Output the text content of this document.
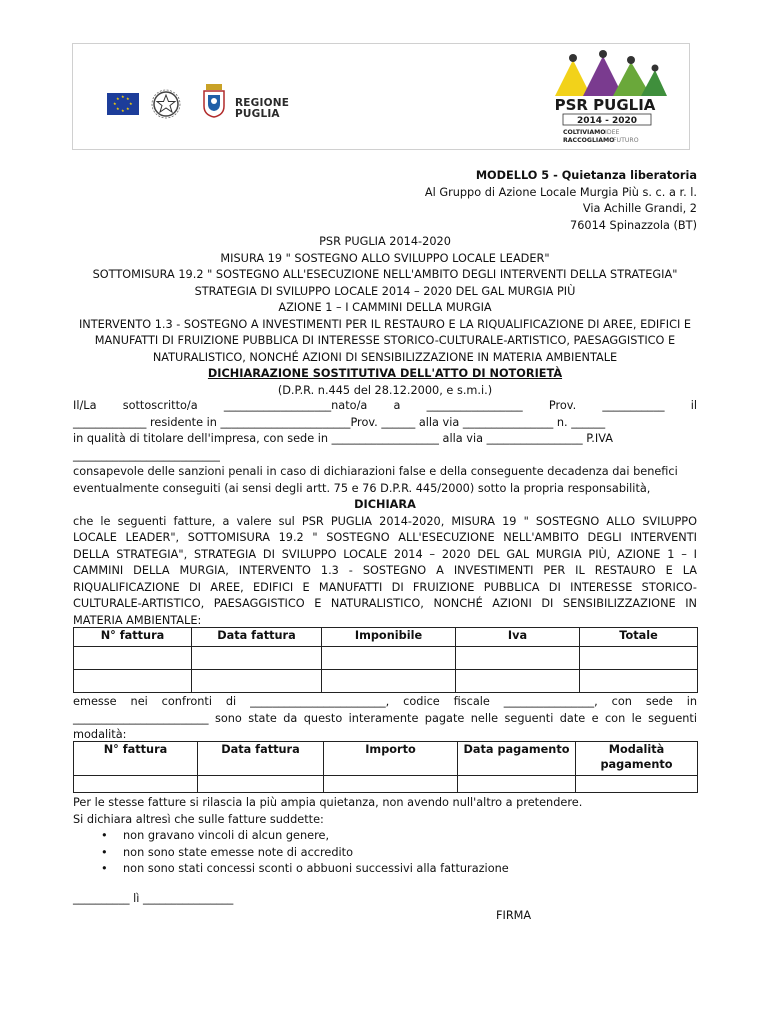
★ ★
★
★
★
★
★
★	REGIONE
PUGLIA	PSR PUGLIA
2014 - 2020
COLTIVIAMO IDEE
RACCOGLIAMO
FUTURO
MODELLO 5 - Quietanza liberatoria
Al Gruppo di Azione Locale Murgia Più s. c. a r. l.
Via Achille Grandi, 2
76014 Spinazzola (BT)
PSR PUGLIA 2014-2020
MISURA 19 " SOSTEGNO ALLO SVILUPPO LOCALE LEADER"
SOTTOMISURA 19.2 " SOSTEGNO ALL'ESECUZIONE NELL'AMBITO DEGLI INTERVENTI DELLA STRATEGIA"
STRATEGIA DI SVILUPPO LOCALE 2014 – 2020 DEL GAL MURGIA PIÙ
AZIONE 1 – I CAMMINI DELLA MURGIA
INTERVENTO 1.3 - SOSTEGNO A INVESTIMENTI PER IL RESTAURO E LA RIQUALIFICAZIONE DI AREE, EDIFICI E
MANUFATTI DI FRUIZIONE PUBBLICA DI INTERESSE STORICO-CULTURALE-ARTISTICO, PAESAGGISTICO E
NATURALISTICO, NONCHÉ AZIONI DI SENSIBILIZZAZIONE IN MATERIA AMBIENTALE
DICHIARAZIONE SOSTITUTIVA DELL'ATTO DI NOTORIETÀ
(D.P.R. n.445 del 28.12.2000, e s.m.i.)
Il/La sottoscritto/a ___________________nato/a a _________________ Prov. ___________ il
_____________ residente in _______________________Prov. ______ alla via ________________ n. ______
in qualità di titolare dell'impresa, con sede in ___________________ alla via _________________ P.IVA
__________________________
consapevole delle sanzioni penali in caso di dichiarazioni false e della conseguente decadenza dai benefici
eventualmente conseguiti (ai sensi degli artt. 75 e 76 D.P.R. 445/2000) sotto la propria responsabilità,
DICHIARA
che le seguenti fatture, a valere sul PSR PUGLIA 2014-2020, MISURA 19 " SOSTEGNO ALLO SVILUPPO
LOCALE LEADER", SOTTOMISURA 19.2 " SOSTEGNO ALL'ESECUZIONE NELL'AMBITO DEGLI INTERVENTI
DELLA STRATEGIA", STRATEGIA DI SVILUPPO LOCALE 2014 – 2020 DEL GAL MURGIA PIÙ, AZIONE 1 – I
CAMMINI DELLA MURGIA, INTERVENTO 1.3 - SOSTEGNO A INVESTIMENTI PER IL RESTAURO E LA
RIQUALIFICAZIONE DI AREE, EDIFICI E MANUFATTI DI FRUIZIONE PUBBLICA DI INTERESSE STORICO-
CULTURALE-ARTISTICO, PAESAGGISTICO E NATURALISTICO, NONCHÉ AZIONI DI SENSIBILIZZAZIONE IN
MATERIA AMBIENTALE:
N° fattura	Data fattura	Imponibile	Iva	Totale

emesse nei confronti di ________________________, codice fiscale ________________, con sede in
________________________ sono state da questo interamente pagate nelle seguenti date e con le seguenti
modalità:
N° fattura	Data fattura	Importo	Data pagamento	Modalità pagamento

Per le stesse fatture si rilascia la più ampia quietanza, non avendo null'altro a pretendere.
Si dichiara altresì che sulle fatture suddette:
• non gravano vincoli di alcun genere,
• non sono state emesse note di accredito
• non sono stati concessi sconti o abbuoni successivi alla fatturazione
__________ lì ________________
FIRMA
